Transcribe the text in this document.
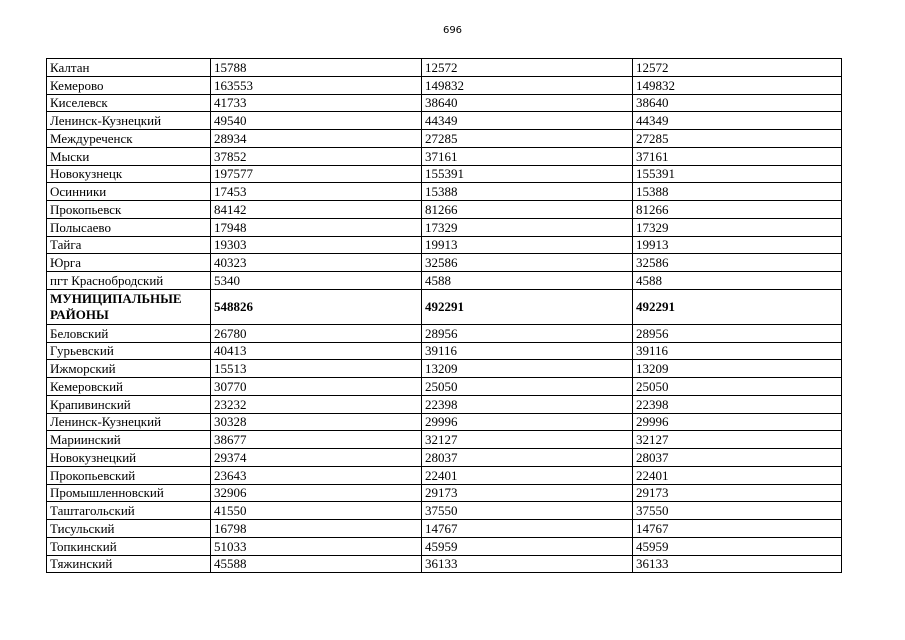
696
Калтан	15788	12572	12572
Кемерово	163553	149832	149832
Киселевск	41733	38640	38640
Ленинск-Кузнецкий	49540	44349	44349
Междуреченск	28934	27285	27285
Мыски	37852	37161	37161
Новокузнецк	197577	155391	155391
Осинники	17453	15388	15388
Прокопьевск	84142	81266	81266
Полысаево	17948	17329	17329
Тайга	19303	19913	19913
Юрга	40323	32586	32586
пгт Краснобродский	5340	4588	4588
МУНИЦИПАЛЬНЫЕ РАЙОНЫ	548826	492291	492291
Беловский	26780	28956	28956
Гурьевский	40413	39116	39116
Ижморский	15513	13209	13209
Кемеровский	30770	25050	25050
Крапивинский	23232	22398	22398
Ленинск-Кузнецкий	30328	29996	29996
Мариинский	38677	32127	32127
Новокузнецкий	29374	28037	28037
Прокопьевский	23643	22401	22401
Промышленновский	32906	29173	29173
Таштагольский	41550	37550	37550
Тисульский	16798	14767	14767
Топкинский	51033	45959	45959
Тяжинский	45588	36133	36133
